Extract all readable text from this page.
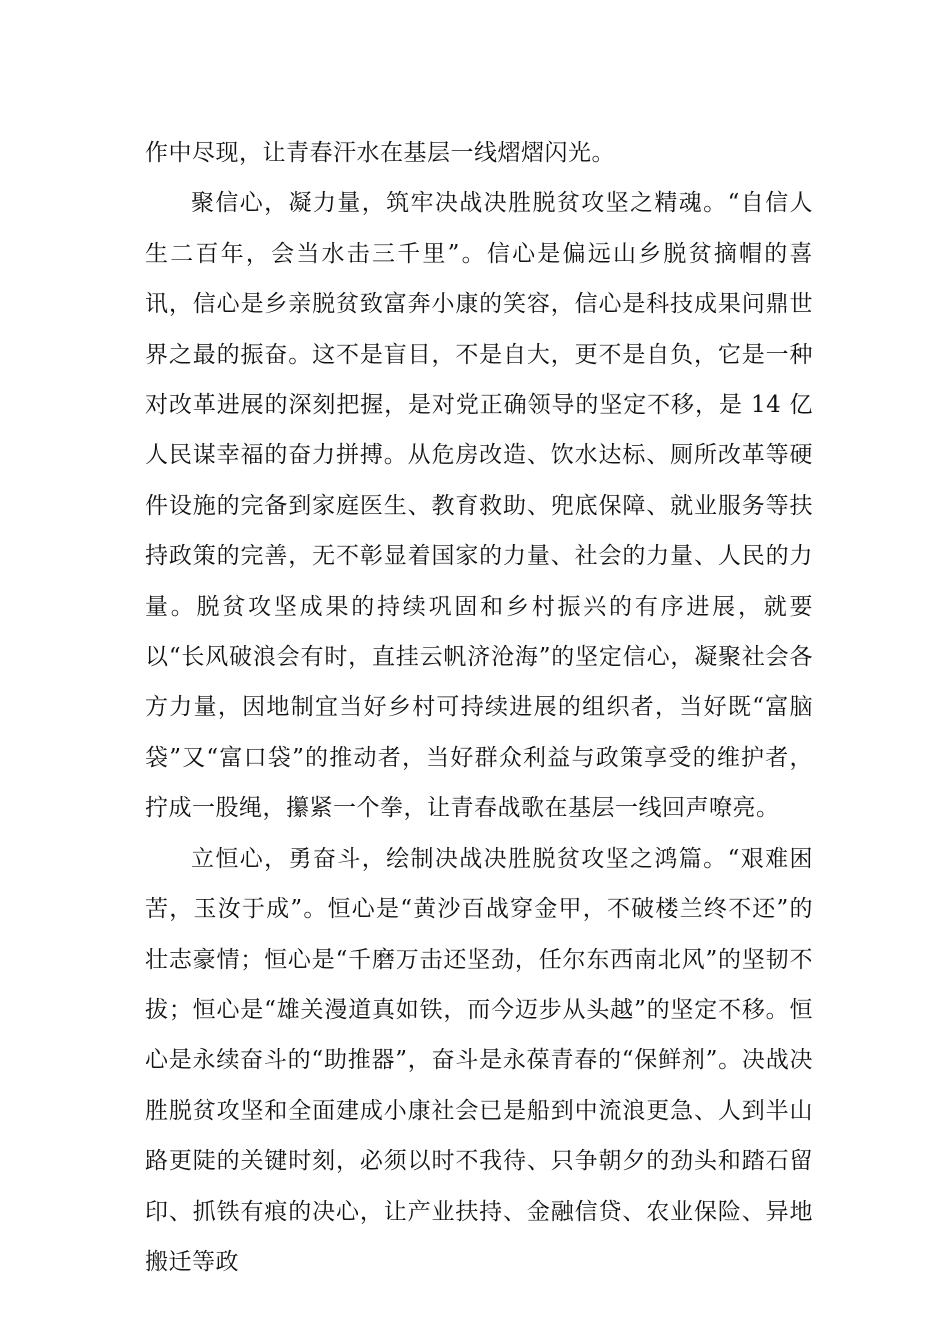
作中尽现，让青春汗水在基层一线熠熠闪光。

聚信心，凝力量，筑牢决战决胜脱贫攻坚之精魂。“自信人生二百年，会当水击三千里”。信心是偏远山乡脱贫摘帽的喜讯，信心是乡亲脱贫致富奔小康的笑容，信心是科技成果问鼎世界之最的振奋。这不是盲目，不是自大，更不是自负，它是一种对改革进展的深刻把握，是对党正确领导的坚定不移，是 14 亿人民谋幸福的奋力拼搏。从危房改造、饮水达标、厕所改革等硬件设施的完备到家庭医生、教育救助、兜底保障、就业服务等扶持政策的完善，无不彰显着国家的力量、社会的力量、人民的力量。脱贫攻坚成果的持续巩固和乡村振兴的有序进展，就要以“长风破浪会有时，直挂云帆济沧海”的坚定信心，凝聚社会各方力量，因地制宜当好乡村可持续进展的组织者，当好既“富脑袋”又“富口袋”的推动者，当好群众利益与政策享受的维护者，拧成一股绳，攥紧一个拳，让青春战歌在基层一线回声嘹亮。

立恒心，勇奋斗，绘制决战决胜脱贫攻坚之鸿篇。“艰难困苦，玉汝于成”。恒心是“黄沙百战穿金甲，不破楼兰终不还”的壮志豪情；恒心是“千磨万击还坚劲，任尔东西南北风”的坚韧不拔；恒心是“雄关漫道真如铁，而今迈步从头越”的坚定不移。恒心是永续奋斗的“助推器”，奋斗是永葆青春的“保鲜剂”。决战决胜脱贫攻坚和全面建成小康社会已是船到中流浪更急、人到半山路更陡的关键时刻，必须以时不我待、只争朝夕的劲头和踏石留印、抓铁有痕的决心，让产业扶持、金融信贷、农业保险、异地搬迁等政
